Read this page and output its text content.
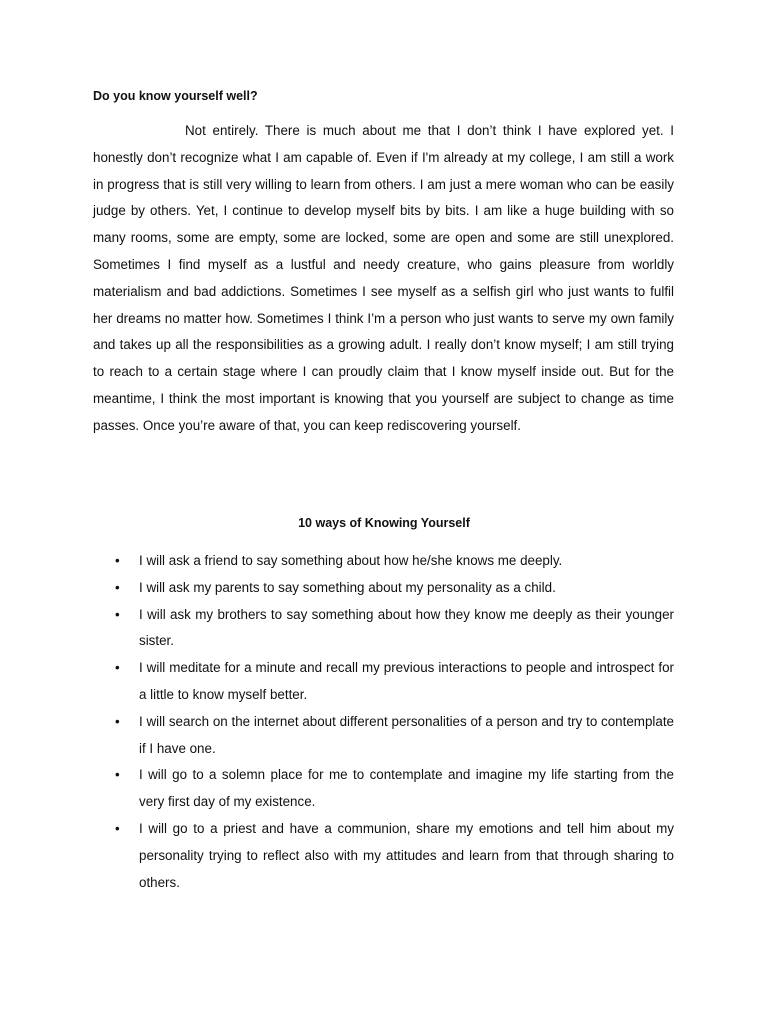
Do you know yourself well?

Not entirely. There is much about me that I don’t think I have explored yet. I honestly don’t recognize what I am capable of. Even if I'm already at my college, I am still a work in progress that is still very willing to learn from others. I am just a mere woman who can be easily judge by others. Yet, I continue to develop myself bits by bits. I am like a huge building with so many rooms, some are empty, some are locked, some are open and some are still unexplored. Sometimes I find myself as a lustful and needy creature, who gains pleasure from worldly materialism and bad addictions. Sometimes I see myself as a selfish girl who just wants to fulfil her dreams no matter how. Sometimes I think I’m a person who just wants to serve my own family and takes up all the responsibilities as a growing adult. I really don’t know myself; I am still trying to reach to a certain stage where I can proudly claim that I know myself inside out. But for the meantime, I think the most important is knowing that you yourself are subject to change as time passes. Once you’re aware of that, you can keep rediscovering yourself.

10 ways of Knowing Yourself

• I will ask a friend to say something about how he/she knows me deeply.
• I will ask my parents to say something about my personality as a child.
• I will ask my brothers to say something about how they know me deeply as their younger sister.
• I will meditate for a minute and recall my previous interactions to people and introspect for a little to know myself better.
• I will search on the internet about different personalities of a person and try to contemplate if I have one.
• I will go to a solemn place for me to contemplate and imagine my life starting from the very first day of my existence.
• I will go to a priest and have a communion, share my emotions and tell him about my personality trying to reflect also with my attitudes and learn from that through sharing to others.
